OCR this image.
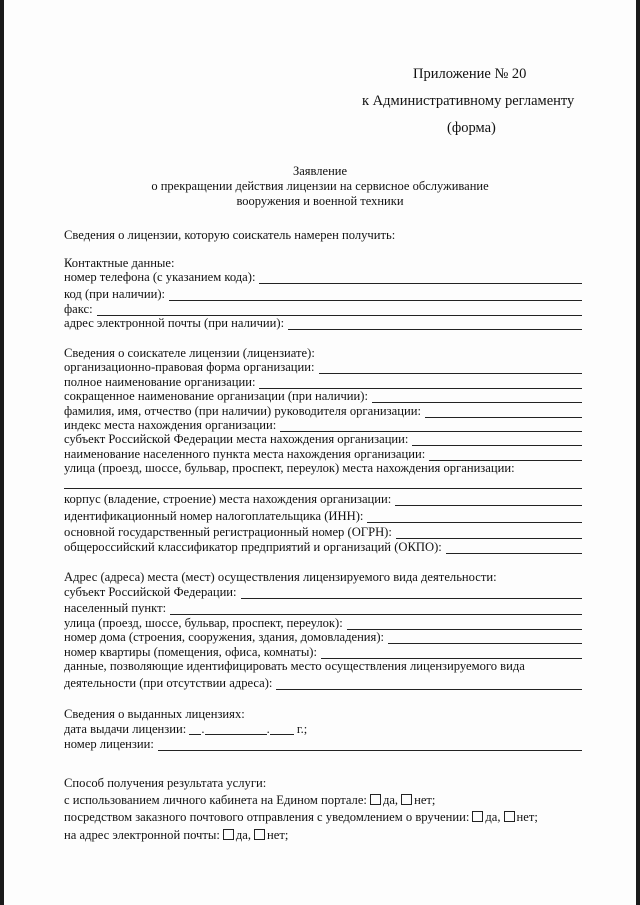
Приложение № 20
к Административному регламенту
(форма)
Заявление
о прекращении действия лицензии на сервисное обслуживание
вооружения и военной техники
Сведения о лицензии, которую соискатель намерен получить:
Контактные данные:
номер телефона (с указанием кода):
код (при наличии):
факс:
адрес электронной почты (при наличии):
Сведения о соискателе лицензии (лицензиате):
организационно-правовая форма организации:
полное наименование организации:
сокращенное наименование организации (при наличии):
фамилия, имя, отчество (при наличии) руководителя организации:
индекс места нахождения организации:
субъект Российской Федерации места нахождения организации:
наименование населенного пункта места нахождения организации:
улица (проезд, шоссе, бульвар, проспект, переулок) места нахождения организации:
корпус (владение, строение) места нахождения организации:
идентификационный номер налогоплательщика (ИНН):
основной государственный регистрационный номер (ОГРН):
общероссийский классификатор предприятий и организаций (ОКПО):
Адрес (адреса) места (мест) осуществления лицензируемого вида деятельности:
субъект Российской Федерации:
населенный пункт:
улица (проезд, шоссе, бульвар, проспект, переулок):
номер дома (строения, сооружения, здания, домовладения):
номер квартиры (помещения, офиса, комнаты):
данные, позволяющие идентифицировать место осуществления лицензируемого вида
деятельности (при отсутствии адреса):
Сведения о выданных лицензиях:
дата выдачи лицензии: .	. г.;
номер лицензии:
Способ получения результата услуги:
с использованием личного кабинета на Едином портале: да, нет;
посредством заказного почтового отправления с уведомлением о вручении: да, нет;
на адрес электронной почты: да, нет;
